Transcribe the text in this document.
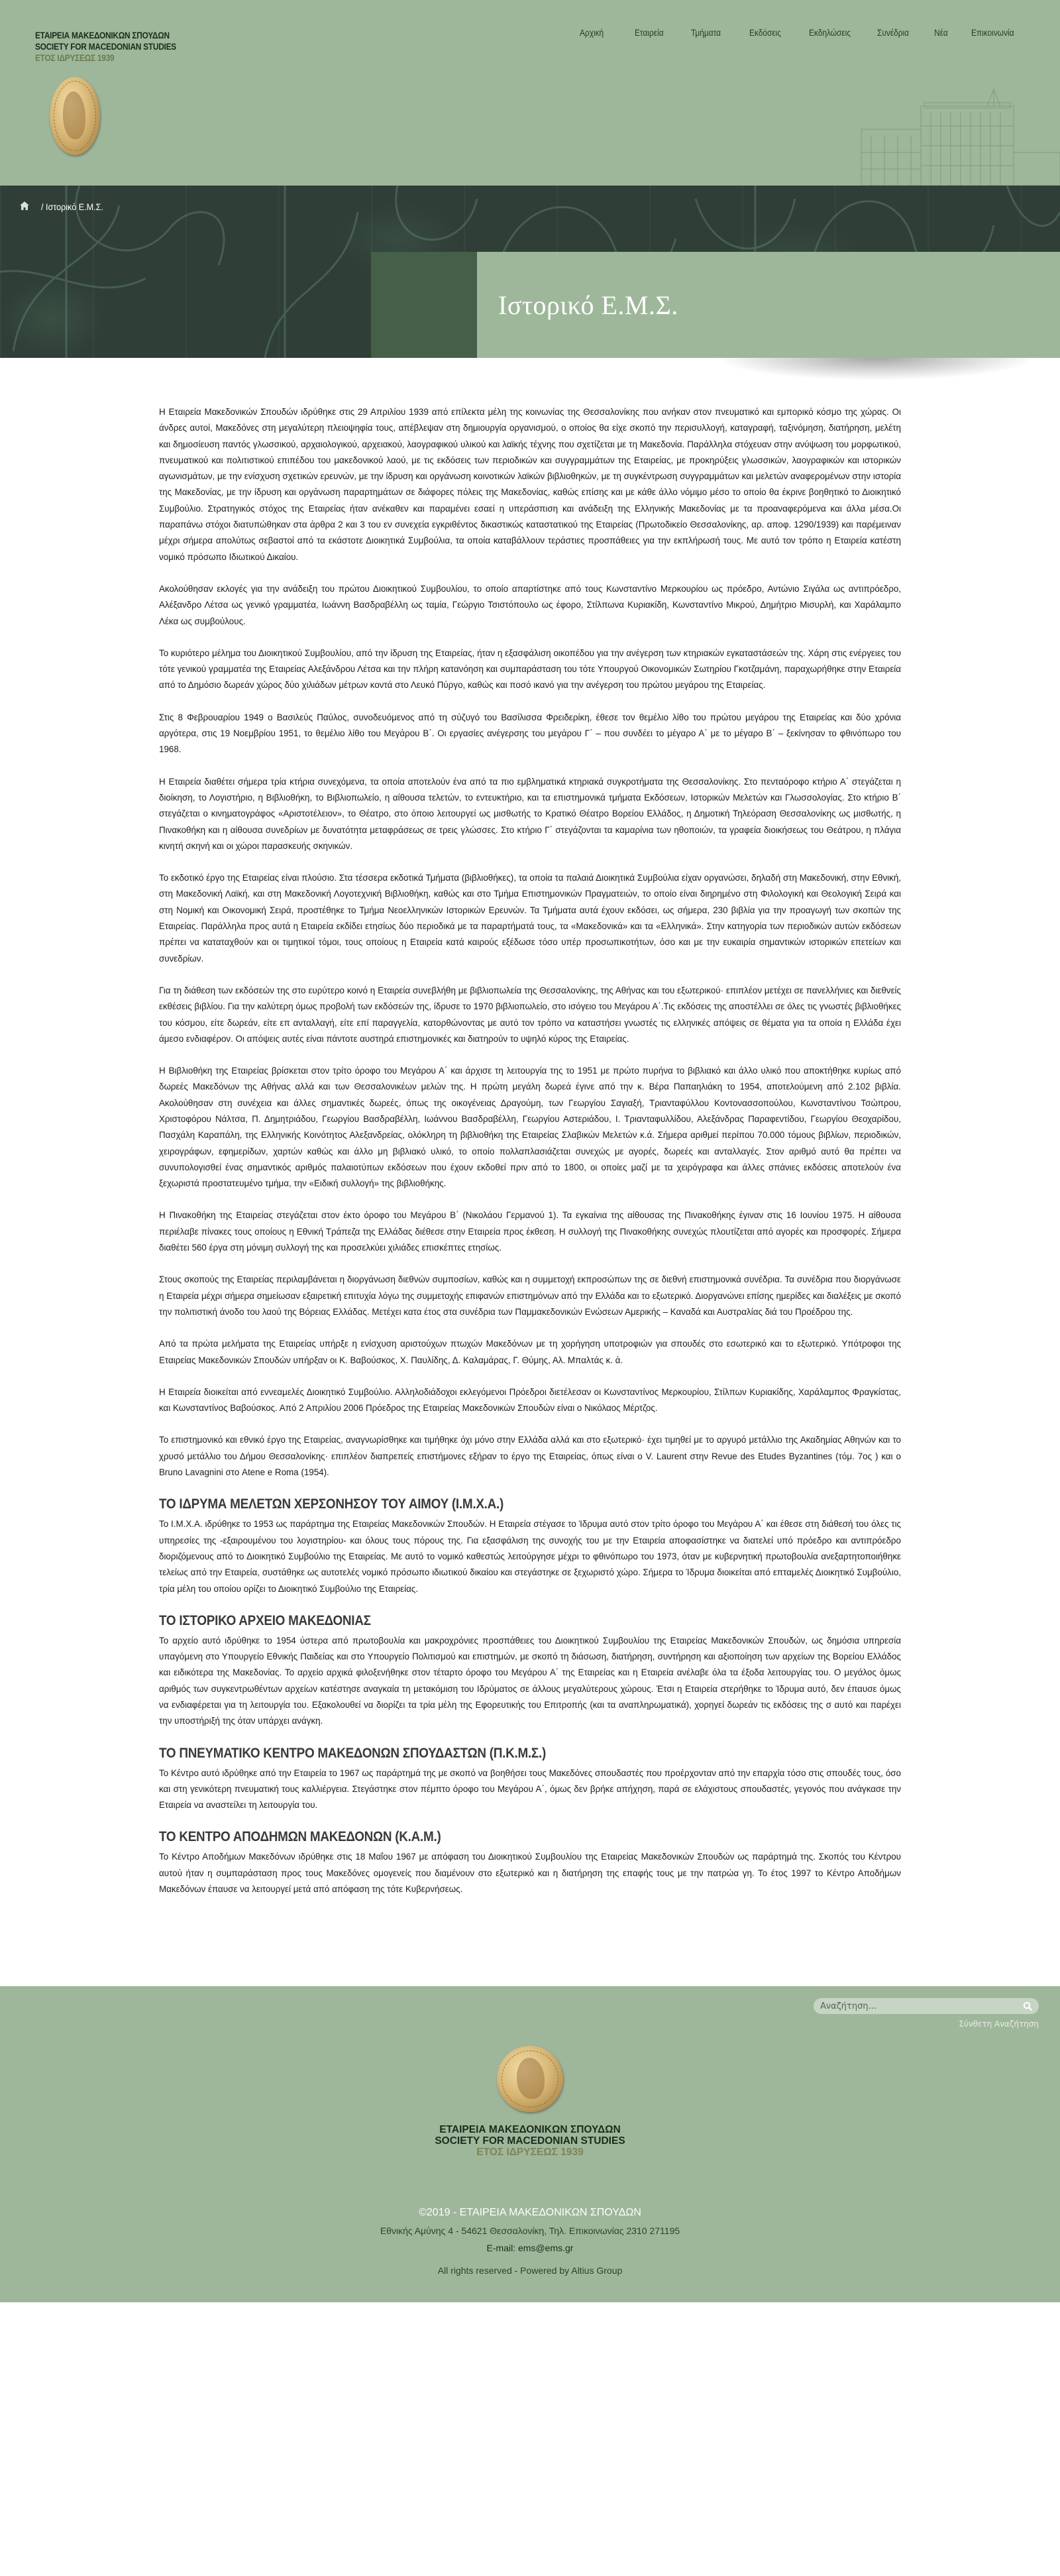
ΕΤΑΙΡΕΙΑ ΜΑΚΕΔΟΝΙΚΩΝ ΣΠΟΥΔΩΝ
SOCIETY FOR MACEDONIAN STUDIES
ΕΤΟΣ ΙΔΡΥΣΕΩΣ 1939
Αρχική	Εταιρεία	Τμήματα	Εκδόσεις	Εκδηλώσεις	Συνέδρια	Νέα	Επικοινωνία
/ Ιστορικό Ε.Μ.Σ.
Ιστορικό Ε.Μ.Σ.

Η Εταιρεία Μακεδονικών Σπουδών ιδρύθηκε στις 29 Απριλίου 1939 από επίλεκτα μέλη της κοινωνίας της Θεσσαλονίκης που ανήκαν στον πνευματικό και εμπορικό κόσμο της χώρας. Οι άνδρες αυτοί, Μακεδόνες στη μεγαλύτερη πλειοψηφία τους, απέβλεψαν στη δημιουργία οργανισμού, ο οποίος θα είχε σκοπό την περισυλλογή, καταγραφή, ταξινόμηση, διατήρηση, μελέτη και δημοσίευση παντός γλωσσικού, αρχαιολογικού, αρχειακού, λαογραφικού υλικού και λαϊκής τέχνης που σχετίζεται με τη Μακεδονία. Παράλληλα στόχευαν στην ανύψωση του μορφωτικού, πνευματικού και πολιτιστικού επιπέδου του μακεδονικού λαού, με τις εκδόσεις των περιοδικών και συγγραμμάτων της Εταιρείας, με προκηρύξεις γλωσσικών, λαογραφικών και ιστορικών αγωνισμάτων, με την ενίσχυση σχετικών ερευνών, με την ίδρυση και οργάνωση κοινοτικών λαϊκών βιβλιοθηκών, με τη συγκέντρωση συγγραμμάτων και μελετών αναφερομένων στην ιστορία της Μακεδονίας, με την ίδρυση και οργάνωση παραρτημάτων σε διάφορες πόλεις της Μακεδονίας, καθώς επίσης και με κάθε άλλο νόμιμο μέσο το οποίο θα έκρινε βοηθητικό το Διοικητικό Συμβούλιο. Στρατηγικός στόχος της Εταιρείας ήταν ανέκαθεν και παραμένει εσαεί η υπεράσπιση και ανάδειξη της Ελληνικής Μακεδονίας με τα προαναφερόμενα και άλλα μέσα.Οι παραπάνω στόχοι διατυπώθηκαν στα άρθρα 2 και 3 του εν συνεχεία εγκριθέντος δικαστικώς καταστατικού της Εταιρείας (Πρωτοδικείο Θεσσαλονίκης, αρ. αποφ. 1290/1939) και παρέμειναν μέχρι σήμερα απολύτως σεβαστοί από τα εκάστοτε Διοικητικά Συμβούλια, τα οποία καταβάλλουν τεράστιες προσπάθειες για την εκπλήρωσή τους. Με αυτό τον τρόπο η Εταιρεία κατέστη νομικό πρόσωπο Ιδιωτικού Δικαίου.

Ακολούθησαν εκλογές για την ανάδειξη του πρώτου Διοικητικού Συμβουλίου, το οποίο απαρτίστηκε από τους Κωνσταντίνο Μερκουρίου ως πρόεδρο, Αντώνιο Σιγάλα ως αντιπρόεδρο, Αλέξανδρο Λέτσα ως γενικό γραμματέα, Ιωάννη Βασδραβέλλη ως ταμία, Γεώργιο Τσιστόπουλο ως έφορο, Στίλπωνα Κυριακίδη, Κωνσταντίνο Μικρού, Δημήτριο Μισυρλή, και Χαράλαμπο Λέκα ως συμβούλους.

Το κυριότερο μέλημα του Διοικητικού Συμβουλίου, από την ίδρυση της Εταιρείας, ήταν η εξασφάλιση οικοπέδου για την ανέγερση των κτηριακών εγκαταστάσεών της. Χάρη στις ενέργειες του τότε γενικού γραμματέα της Εταιρείας Αλεξάνδρου Λέτσα και την πλήρη κατανόηση και συμπαράσταση του τότε Υπουργού Οικονομικών Σωτηρίου Γκοτζαμάνη, παραχωρήθηκε στην Εταιρεία από το Δημόσιο δωρεάν χώρος δύο χιλιάδων μέτρων κοντά στο Λευκό Πύργο, καθώς και ποσό ικανό για την ανέγερση του πρώτου μεγάρου της Εταιρείας.

Στις 8 Φεβρουαρίου 1949 ο Βασιλεύς Παύλος, συνοδευόμενος από τη σύζυγό του Βασίλισσα Φρειδερίκη, έθεσε τον θεμέλιο λίθο του πρώτου μεγάρου της Εταιρείας και δύο χρόνια αργότερα, στις 19 Νοεμβρίου 1951, το θεμέλιο λίθο του Μεγάρου Β΄. Οι εργασίες ανέγερσης του μεγάρου Γ΄ – που συνδέει το μέγαρο Α΄ με το μέγαρο Β΄ – ξεκίνησαν το φθινόπωρο του 1968.

Η Εταιρεία διαθέτει σήμερα τρία κτήρια συνεχόμενα, τα οποία αποτελούν ένα από τα πιο εμβληματικά κτηριακά συγκροτήματα της Θεσσαλονίκης. Στο πενταόροφο κτήριο Α΄ στεγάζεται η διοίκηση, το Λογιστήριο, η Βιβλιοθήκη, το Βιβλιοπωλείο, η αίθουσα τελετών, το εντευκτήριο, και τα επιστημονικά τμήματα Εκδόσεων, Ιστορικών Μελετών και Γλωσσολογίας. Στο κτήριο Β΄ στεγάζεται ο κινηματογράφος «Αριστοτέλειον», το Θέατρο, στο όποιο λειτουργεί ως μισθωτής το Κρατικό Θέατρο Βορείου Ελλάδος, η Δημοτική Τηλεόραση Θεσσαλονίκης ως μισθωτής, η Πινακοθήκη και η αίθουσα συνεδρίων με δυνατότητα μεταφράσεως σε τρεις γλώσσες. Στο κτήριο Γ΄ στεγάζονται τα καμαρίνια των ηθοποιών, τα γραφεία διοικήσεως του Θεάτρου, η πλάγια κινητή σκηνή και οι χώροι παρασκευής σκηνικών.

Το εκδοτικό έργο της Εταιρείας είναι πλούσιο. Στα τέσσερα εκδοτικά Τμήματα (βιβλιοθήκες), τα οποία τα παλαιά Διοικητικά Συμβούλια είχαν οργανώσει, δηλαδή στη Μακεδονική, στην Εθνική, στη Μακεδονική Λαϊκή, και στη Μακεδονική Λογοτεχνική Βιβλιοθήκη, καθώς και στο Τμήμα Επιστημονικών Πραγματειών, το οποίο είναι διηρημένο στη Φιλολογική και Θεολογική Σειρά και στη Νομική και Οικονομική Σειρά, προστέθηκε το Τμήμα Νεοελληνικών Ιστορικών Ερευνών. Τα Τμήματα αυτά έχουν εκδόσει, ως σήμερα, 230 βιβλία για την προαγωγή των σκοπών της Εταιρείας. Παράλληλα προς αυτά η Εταιρεία εκδίδει ετησίως δύο περιοδικά με τα παραρτήματά τους, τα «Μακεδονικά» και τα «Ελληνικά». Στην κατηγορία των περιοδικών αυτών εκδόσεων πρέπει να καταταχθούν και οι τιμητικοί τόμοι, τους οποίους η Εταιρεία κατά καιρούς εξέδωσε τόσο υπέρ προσωπικοτήτων, όσο και με την ευκαιρία σημαντικών ιστορικών επετείων και συνεδρίων.

Για τη διάθεση των εκδόσεών της στο ευρύτερο κοινό η Εταιρεία συνεβλήθη με βιβλιοπωλεία της Θεσσαλονίκης, της Αθήνας και του εξωτερικού· επιπλέον μετέχει σε πανελλήνιες και διεθνείς εκθέσεις βιβλίου. Για την καλύτερη όμως προβολή των εκδόσεών της, ίδρυσε το 1970 βιβλιοπωλείο, στο ισόγειο του Μεγάρου Α΄.Τις εκδόσεις της αποστέλλει σε όλες τις γνωστές βιβλιοθήκες του κόσμου, είτε δωρεάν, είτε επ ανταλλαγή, είτε επί παραγγελία, κατορθώνοντας με αυτό τον τρόπο να καταστήσει γνωστές τις ελληνικές απόψεις σε θέματα για τα οποία η Ελλάδα έχει άμεσο ενδιαφέρον. Οι απόψεις αυτές είναι πάντοτε αυστηρά επιστημονικές και διατηρούν το υψηλό κύρος της Εταιρείας.

Η Βιβλιοθήκη της Εταιρείας βρίσκεται στον τρίτο όροφο του Μεγάρου Α΄ και άρχισε τη λειτουργία της το 1951 με πρώτο πυρήνα το βιβλιακό και άλλο υλικό που αποκτήθηκε κυρίως από δωρεές Μακεδόνων της Αθήνας αλλά και των Θεσσαλονικέων μελών της. Η πρώτη μεγάλη δωρεά έγινε από την κ. Βέρα Παπαηλιάκη το 1954, αποτελούμενη από 2.102 βιβλία. Ακολούθησαν στη συνέχεια και άλλες σημαντικές δωρεές, όπως της οικογένειας Δραγούμη, των Γεωργίου Σαγιαξή, Τριανταφύλλου Κοντονασσοπούλου, Κωνσταντίνου Τσώπρου, Χριστοφόρου Νάλτσα, Π. Δημητριάδου, Γεωργίου Βασδραβέλλη, Ιωάννου Βασδραβέλλη, Γεωργίου Αστεριάδου, Ι. Τριανταφυλλίδου, Αλεξάνδρας Παραφεντίδου, Γεωργίου Θεοχαρίδου, Πασχάλη Καραπάλη, της Ελληνικής Κοινότητος Αλεξανδρείας, ολόκληρη τη βιβλιοθήκη της Εταιρείας Σλαβικών Μελετών κ.ά. Σήμερα αριθμεί περίπου 70.000 τόμους βιβλίων, περιοδικών, χειρογράφων, εφημερίδων, χαρτών καθώς και άλλο μη βιβλιακό υλικό, το οποίο πολλαπλασιάζεται συνεχώς με αγορές, δωρεές και ανταλλαγές. Στον αριθμό αυτό θα πρέπει να συνυπολογισθεί ένας σημαντικός αριθμός παλαιοτύπων εκδόσεων που έχουν εκδοθεί πριν από το 1800, οι οποίες μαζί με τα χειρόγραφα και άλλες σπάνιες εκδόσεις αποτελούν ένα ξεχωριστά προστατευμένο τμήμα, την «Ειδική συλλογή» της βιβλιοθήκης.

Η Πινακοθήκη της Εταιρείας στεγάζεται στον έκτο όροφο του Μεγάρου Β΄ (Νικολάου Γερμανού 1). Τα εγκαίνια της αίθουσας της Πινακοθήκης έγιναν στις 16 Ιουνίου 1975. Η αίθουσα περιέλαβε πίνακες τους οποίους η Εθνική Τράπεζα της Ελλάδας διέθεσε στην Εταιρεία προς έκθεση. Η συλλογή της Πινακοθήκης συνεχώς πλουτίζεται από αγορές και προσφορές. Σήμερα διαθέτει 560 έργα στη μόνιμη συλλογή της και προσελκύει χιλιάδες επισκέπτες ετησίως.

Στους σκοπούς της Εταιρείας περιλαμβάνεται η διοργάνωση διεθνών συμποσίων, καθώς και η συμμετοχή εκπροσώπων της σε διεθνή επιστημονικά συνέδρια. Τα συνέδρια που διοργάνωσε η Εταιρεία μέχρι σήμερα σημείωσαν εξαιρετική επιτυχία λόγω της συμμετοχής επιφανών επιστημόνων από την Ελλάδα και το εξωτερικό. Διοργανώνει επίσης ημερίδες και διαλέξεις με σκοπό την πολιτιστική άνοδο του λαού της Βόρειας Ελλάδας. Μετέχει κατα έτος στα συνέδρια των Παμμακεδονικών Ενώσεων Αμερικής – Καναδά και Αυστραλίας διά του Προέδρου της.

Από τα πρώτα μελήματα της Εταιρείας υπήρξε η ενίσχυση αριστούχων πτωχών Μακεδόνων με τη χορήγηση υποτροφιών για σπουδές στο εσωτερικό και το εξωτερικό. Υπότροφοι της Εταιρείας Μακεδονικών Σπουδών υπήρξαν οι Κ. Βαβούσκος, Χ. Παυλίδης, Δ. Καλαμάρας, Γ. Θύμης, Αλ. Μπαλτάς κ. ά.

Η Εταιρεία διοικείται από εννεαμελές Διοικητικό Συμβούλιο. Αλληλοδιάδοχοι εκλεγόμενοι Πρόεδροι διετέλεσαν οι Κωνσταντίνος Μερκουρίου, Στίλπων Κυριακίδης, Χαράλαμπος Φραγκίστας, και Κωνσταντίνος Βαβούσκος. Από 2 Απριλίου 2006 Πρόεδρος της Εταιρείας Μακεδονικών Σπουδών είναι ο Νικόλαος Μέρτζος.

Το επιστημονικό και εθνικό έργο της Εταιρείας, αναγνωρίσθηκε και τιμήθηκε όχι μόνο στην Ελλάδα αλλά και στο εξωτερικό· έχει τιμηθεί με το αργυρό μετάλλιο της Ακαδημίας Αθηνών και το χρυσό μετάλλιο του Δήμου Θεσσαλονίκης· επιπλέον διαπρεπείς επιστήμονες εξήραν το έργο της Εταιρείας, όπως είναι ο V. Laurent στην Revue des Etudes Byzantines (τόμ. 7ος ) και ο Bruno Lavagnini στο Atene e Roma (1954).

ΤΟ ΙΔΡΥΜΑ ΜΕΛΕΤΩΝ ΧΕΡΣΟΝΗΣΟΥ ΤΟΥ ΑΙΜΟΥ (Ι.Μ.Χ.Α.)

Το Ι.Μ.Χ.Α. ιδρύθηκε το 1953 ως παράρτημα της Εταιρείας Μακεδονικών Σπουδών. Η Εταιρεία στέγασε το Ίδρυμα αυτό στον τρίτο όροφο του Μεγάρου Α΄ και έθεσε στη διάθεσή του όλες τις υπηρεσίες της -εξαιρουμένου του λογιστηρίου- και όλους τους πόρους της. Για εξασφάλιση της συνοχής του με την Εταιρεία αποφασίστηκε να διατελεί υπό πρόεδρο και αντιπρόεδρο διοριζόμενους από το Διοικητικό Συμβούλιο της Εταιρείας. Με αυτό το νομικό καθεστώς λειτούργησε μέχρι το φθινόπωρο του 1973, όταν με κυβερνητική πρωτοβουλία ανεξαρτητοποιήθηκε τελείως από την Εταιρεία, συστάθηκε ως αυτοτελές νομικό πρόσωπο ιδιωτικού δικαίου και στεγάστηκε σε ξεχωριστό χώρο. Σήμερα το Ίδρυμα διοικείται από επταμελές Διοικητικό Συμβούλιο, τρία μέλη του οποίου ορίζει το Διοικητικό Συμβούλιο της Εταιρείας.

ΤΟ ΙΣΤΟΡΙΚΟ ΑΡΧΕΙΟ ΜΑΚΕΔΟΝΙΑΣ

Το αρχείο αυτό ιδρύθηκε το 1954 ύστερα από πρωτοβουλία και μακροχρόνιες προσπάθειες του Διοικητικού Συμβουλίου της Εταιρείας Μακεδονικών Σπουδών, ως δημόσια υπηρεσία υπαγόμενη στο Υπουργείο Εθνικής Παιδείας και στο Υπουργείο Πολιτισμού και επιστημών, με σκοπό τη διάσωση, διατήρηση, συντήρηση και αξιοποίηση των αρχείων της Βορείου Ελλάδος και ειδικότερα της Μακεδονίας. Το αρχείο αρχικά φιλοξενήθηκε στον τέταρτο όροφο του Μεγάρου Α΄ της Εταιρείας και η Εταιρεία ανέλαβε όλα τα έξοδα λειτουργίας του. Ο μεγάλος όμως αριθμός των συγκεντρωθέντων αρχείων κατέστησε αναγκαία τη μετακόμιση του Ιδρύματος σε άλλους μεγαλύτερους χώρους. Έτσι η Εταιρεία στερήθηκε το Ίδρυμα αυτό, δεν έπαυσε όμως να ενδιαφέρεται για τη λειτουργία του. Εξακολουθεί να διορίζει τα τρία μέλη της Εφορευτικής του Επιτροπής (και τα αναπληρωματικά), χορηγεί δωρεάν τις εκδόσεις της σ αυτό και παρέχει την υποστήριξή της όταν υπάρχει ανάγκη.

ΤΟ ΠΝΕΥΜΑΤΙΚΟ ΚΕΝΤΡΟ ΜΑΚΕΔΟΝΩΝ ΣΠΟΥΔΑΣΤΩΝ (Π.Κ.Μ.Σ.)

Το Κέντρο αυτό ιδρύθηκε από την Εταιρεία το 1967 ως παράρτημά της με σκοπό να βοηθήσει τους Μακεδόνες σπουδαστές που προέρχονταν από την επαρχία τόσο στις σπουδές τους, όσο και στη γενικότερη πνευματική τους καλλιέργεια. Στεγάστηκε στον πέμπτο όροφο του Μεγάρου Α΄, όμως δεν βρήκε απήχηση, παρά σε ελάχιστους σπουδαστές, γεγονός που ανάγκασε την Εταιρεία να αναστείλει τη λειτουργία του.

ΤΟ ΚΕΝΤΡΟ ΑΠΟΔΗΜΩΝ ΜΑΚΕΔΟΝΩΝ (Κ.Α.Μ.)

Το Κέντρο Αποδήμων Μακεδόνων ιδρύθηκε στις 18 Μαΐου 1967 με απόφαση του Διοικητικού Συμβουλίου της Εταιρείας Μακεδονικών Σπουδών ως παράρτημά της. Σκοπός του Κέντρου αυτού ήταν η συμπαράσταση προς τους Μακεδόνες ομογενείς που διαμένουν στο εξωτερικό και η διατήρηση της επαφής τους με την πατρώα γη. Το έτος 1997 το Κέντρο Αποδήμων Μακεδόνων έπαυσε να λειτουργεί μετά από απόφαση της τότε Κυβερνήσεως.

Αναζήτηση...
Σύνθετη Αναζήτηση
ΕΤΑΙΡΕΙΑ ΜΑΚΕΔΟΝΙΚΩΝ ΣΠΟΥΔΩΝ
SOCIETY FOR MACEDONIAN STUDIES
ΕΤΟΣ ΙΔΡΥΣΕΩΣ 1939
©2019 - ΕΤΑΙΡΕΙΑ ΜΑΚΕΔΟΝΙΚΩΝ ΣΠΟΥΔΩΝ
Εθνικής Αμύνης 4 - 54621 Θεσσαλονίκη, Τηλ. Επικοινωνίας 2310 271195
E-mail: ems@ems.gr
All rights reserved - Powered by Altius Group
